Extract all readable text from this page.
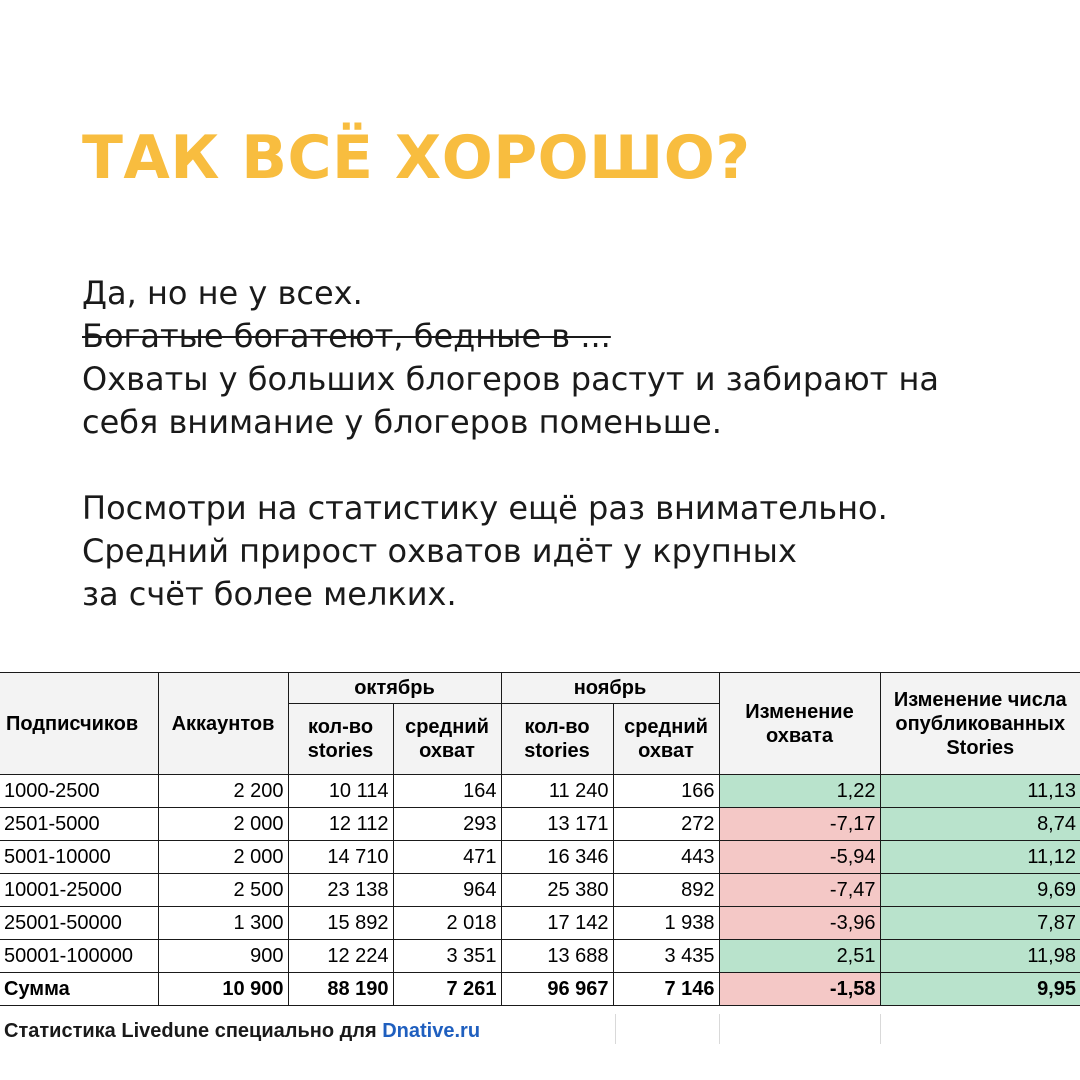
ТАК ВСЁ ХОРОШО?
Да, но не у всех.
Богатые богатеют, бедные в ...
Охваты у больших блогеров растут и забирают на
себя внимание у блогеров поменьше.
Посмотри на статистику ещё раз внимательно.
Средний прирост охватов идёт у крупных
за счёт более мелких.
Подписчиков	Аккаунтов	октябрь		ноябрь		Изменение охвата	Изменение числа опубликованных Stories
		кол-во stories	средний охват	кол-во stories	средний охват		
1000-2500	2 200	10 114	164	11 240	166	1,22	11,13
2501-5000	2 000	12 112	293	13 171	272	-7,17	8,74
5001-10000	2 000	14 710	471	16 346	443	-5,94	11,12
10001-25000	2 500	23 138	964	25 380	892	-7,47	9,69
25001-50000	1 300	15 892	2 018	17 142	1 938	-3,96	7,87
50001-100000	900	12 224	3 351	13 688	3 435	2,51	11,98
Сумма	10 900	88 190	7 261	96 967	7 146	-1,58	9,95
Статистика Livedune специально для Dnative.ru
